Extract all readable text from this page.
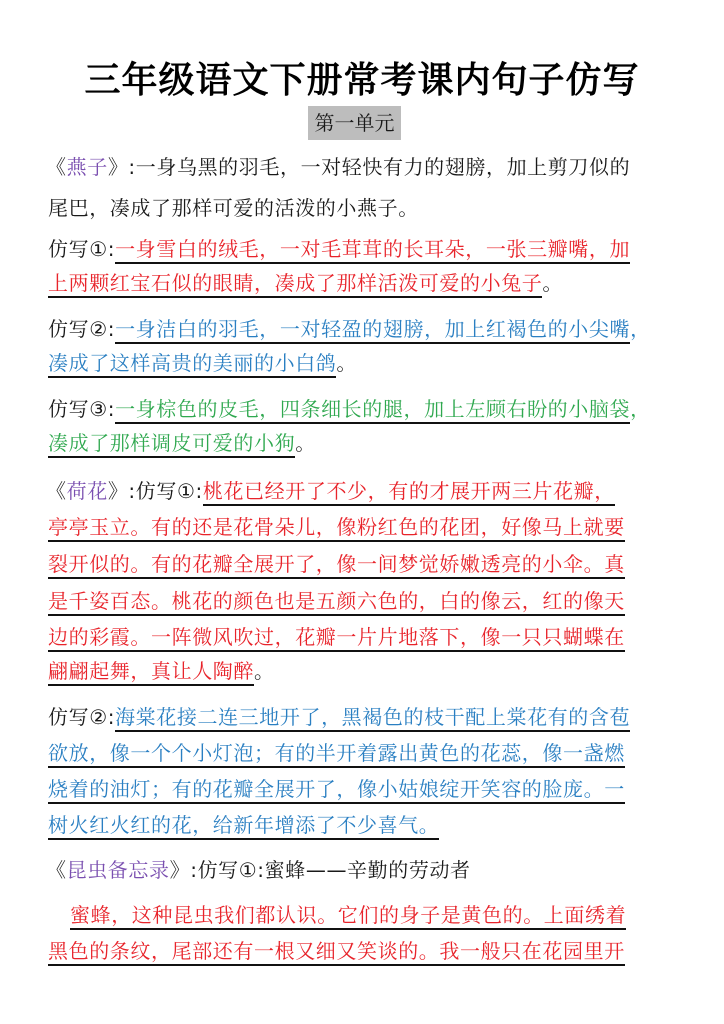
三年级语文下册常考课内句子仿写
第一单元
《燕子》:一身乌黑的羽毛，一对轻快有力的翅膀，加上剪刀似的
尾巴，凑成了那样可爱的活泼的小燕子。
仿写①:一身雪白的绒毛，一对毛茸茸的长耳朵，一张三瓣嘴，加
上两颗红宝石似的眼睛，凑成了那样活泼可爱的小兔子。
仿写②:一身洁白的羽毛，一对轻盈的翅膀，加上红褐色的小尖嘴，
凑成了这样高贵的美丽的小白鸽。
仿写③:一身棕色的皮毛，四条细长的腿，加上左顾右盼的小脑袋，
凑成了那样调皮可爱的小狗。
《荷花》:仿写①:桃花已经开了不少，有的才展开两三片花瓣，
亭亭玉立。有的还是花骨朵儿，像粉红色的花团，好像马上就要
裂开似的。有的花瓣全展开了，像一间梦觉娇嫩透亮的小伞。真
是千姿百态。桃花的颜色也是五颜六色的，白的像云，红的像天
边的彩霞。一阵微风吹过，花瓣一片片地落下，像一只只蝴蝶在
翩翩起舞，真让人陶醉。
仿写②:海棠花接二连三地开了，黑褐色的枝干配上棠花有的含苞
欲放，像一个个小灯泡；有的半开着露出黄色的花蕊，像一盏燃
烧着的油灯；有的花瓣全展开了，像小姑娘绽开笑容的脸庞。一
树火红火红的花，给新年增添了不少喜气。
《昆虫备忘录》:仿写①:蜜蜂——辛勤的劳动者
蜜蜂，这种昆虫我们都认识。它们的身子是黄色的。上面绣着
黑色的条纹，尾部还有一根又细又笑谈的。我一般只在花园里开
